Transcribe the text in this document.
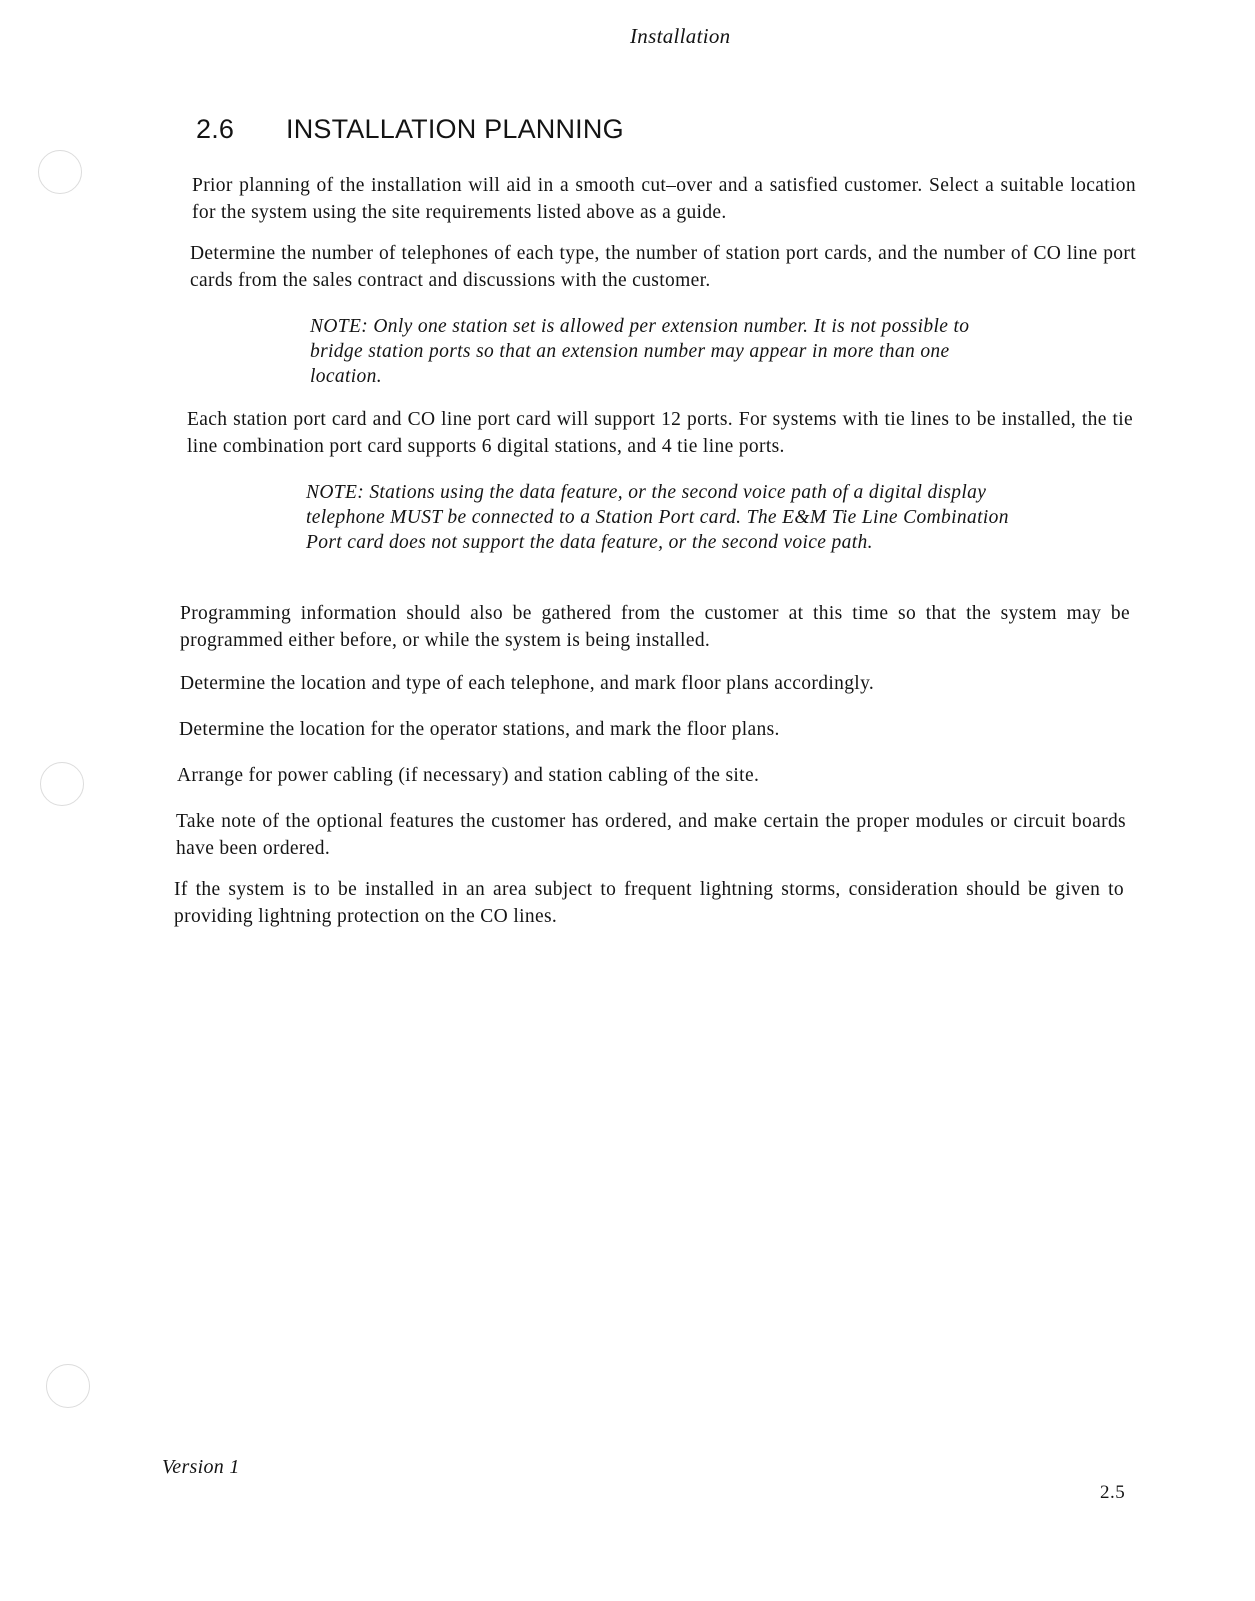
Installation
2.6 INSTALLATION PLANNING

Prior planning of the installation will aid in a smooth cut–over and a satisfied customer. Select a suitable location for the system using the site requirements listed above as a guide.

Determine the number of telephones of each type, the number of station port cards, and the number of CO line port cards from the sales contract and discussions with the customer.

NOTE: Only one station set is allowed per extension number. It is not possible to bridge station ports so that an extension number may appear in more than one location.

Each station port card and CO line port card will support 12 ports. For systems with tie lines to be installed, the tie line combination port card supports 6 digital stations, and 4 tie line ports.

NOTE: Stations using the data feature, or the second voice path of a digital display telephone MUST be connected to a Station Port card. The E&M Tie Line Combination Port card does not support the data feature, or the second voice path.

Programming information should also be gathered from the customer at this time so that the system may be programmed either before, or while the system is being installed.

Determine the location and type of each telephone, and mark floor plans accordingly.

Determine the location for the operator stations, and mark the floor plans.

Arrange for power cabling (if necessary) and station cabling of the site.

Take note of the optional features the customer has ordered, and make certain the proper modules or circuit boards have been ordered.

If the system is to be installed in an area subject to frequent lightning storms, consideration should be given to providing lightning protection on the CO lines.

Version 1
2.5
